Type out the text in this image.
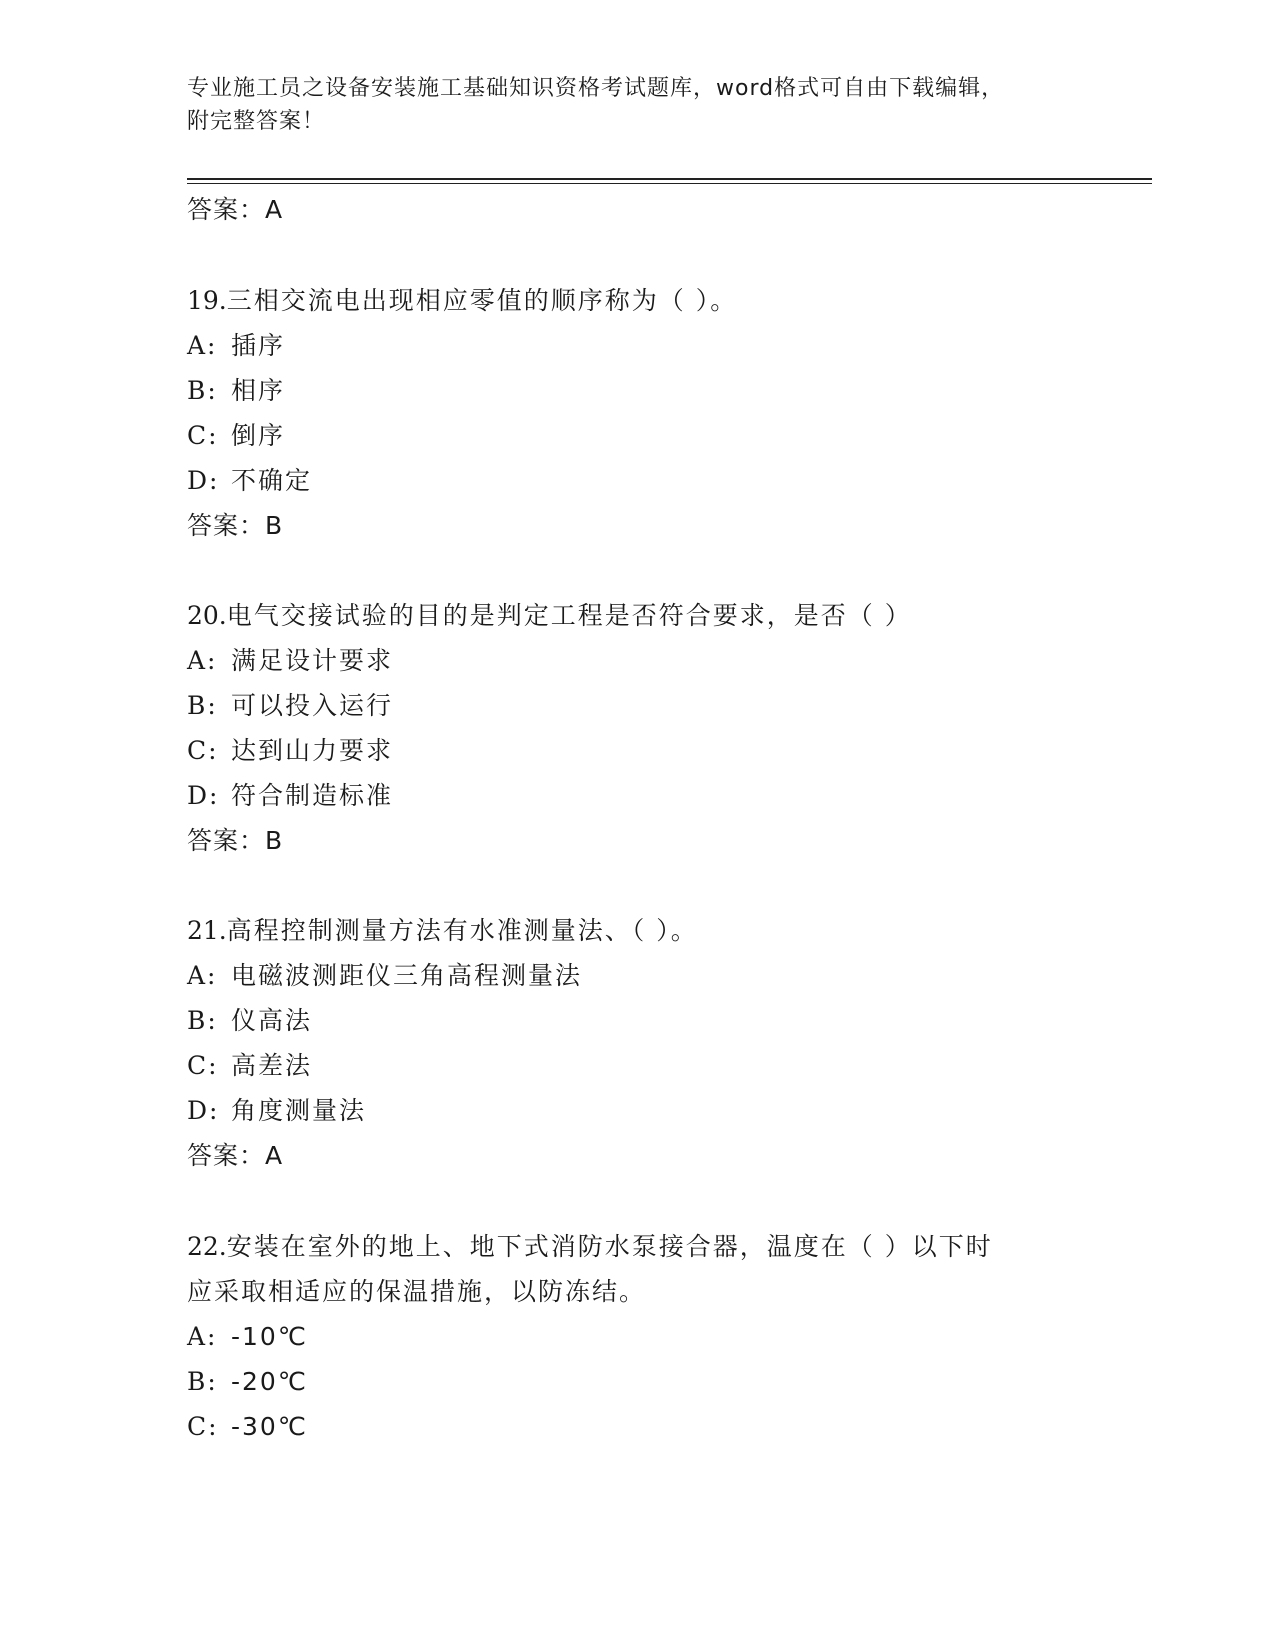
专业施工员之设备安装施工基础知识资格考试题库，word格式可自由下载编辑，
附完整答案！
答案：A
19.三相交流电出现相应零值的顺序称为（ ）。
A: 插序
B: 相序
C: 倒序
D: 不确定
答案：B
20.电气交接试验的目的是判定工程是否符合要求，是否（ ）
A: 满足设计要求
B: 可以投入运行
C: 达到山力要求
D: 符合制造标准
答案：B
21.高程控制测量方法有水准测量法、（ ）。
A: 电磁波测距仪三角高程测量法
B: 仪高法
C: 高差法
D: 角度测量法
答案：A
22.安装在室外的地上、地下式消防水泵接合器，温度在（ ）以下时
应采取相适应的保温措施，以防冻结。
A: -10℃
B: -20℃
C: -30℃
